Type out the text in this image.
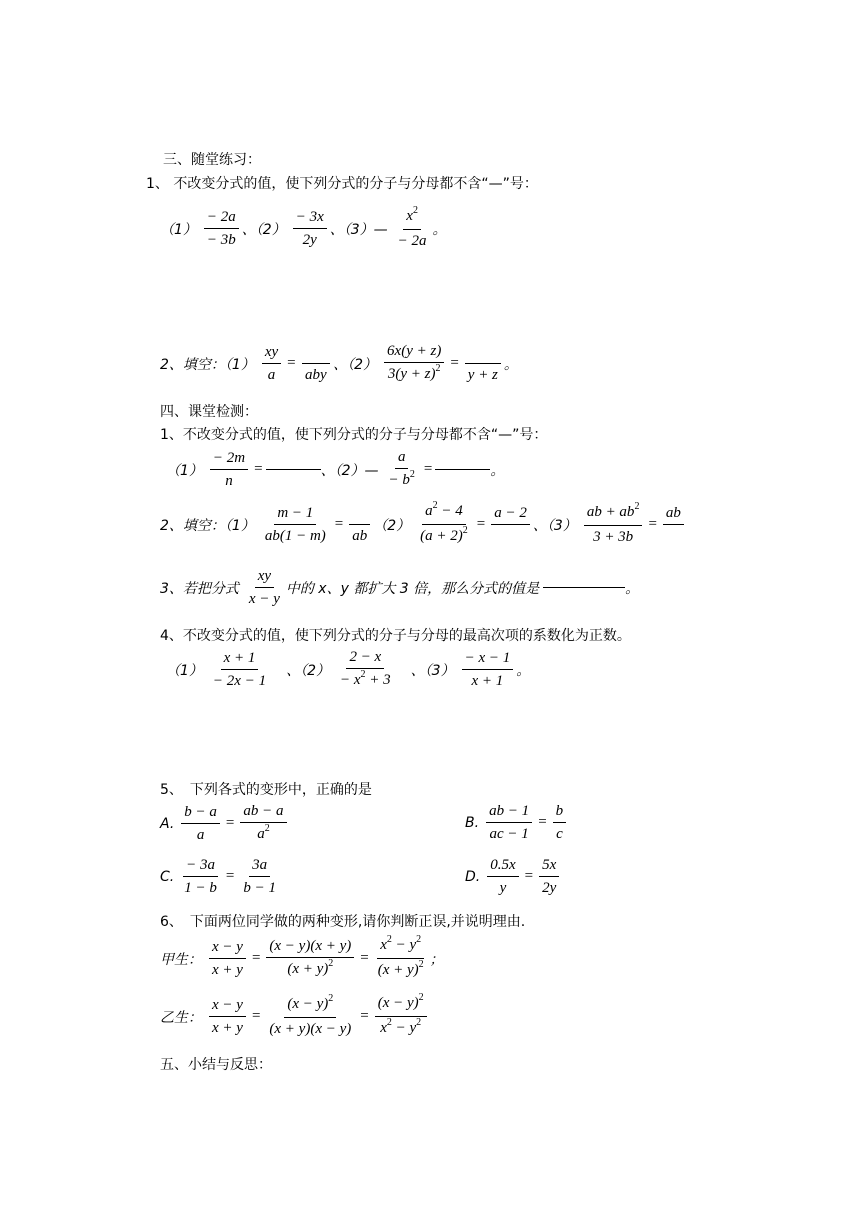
三、随堂练习：
1、 不改变分式的值，使下列分式的分子与分母都不含“—”号：
$(1) \frac{- 2a}{- 3b}$ 、$(2) \frac{- 3x}{2y}$ 、（3）— $\frac{x^2}{- 2a}$ 。
2、填空：$(1) \frac{xy}{a}$ =

aby
、$(2) \frac{6x(y + z)}{3(y + z)^2}$ =

y + z
。
四、课堂检测：
1、不改变分式的值，使下列分式的分子与分母都不含“—”号：
$(1) \frac{- 2m}{n}$ =	、（2）— $\frac{a}{- b^2}$ =	。
2、填空：$(1) \frac{m - 1}{ab(1 - m)}$ =

ab
$(2) \frac{a^2 - 4}{(a + 2)^2}$ =
a − 2

、$(3) \frac{ab + ab^2}{3 + 3b}$ =
ab

3、若把分式 $\frac{xy}{x - y}$ 中的 x、y 都扩大 3 倍，那么分式的值是	。
4、不改变分式的值，使下列分式的分子与分母的最高次项的系数化为正数。
$(1) \frac{x + 1}{- 2x - 1}$ 、$(2) \frac{2 - x}{- x^2 + 3}$ 、$(3) \frac{- x - 1}{x + 1}$ 。
5、　下列各式的变形中，正确的是
A. $\frac{b - a}{a} = \frac{ab - a}{a^2}$	B. $\frac{ab - 1}{ac - 1} = \frac{b}{c}$
C. $\frac{- 3a}{1 - b} = \frac{3a}{b - 1}$	D. $\frac{0.5x}{y} = \frac{5x}{2y}$
6、　下面两位同学做的两种变形,请你判断正误,并说明理由.
甲生： $\frac{x - y}{x + y} = \frac{(x - y)(x + y)}{(x + y)^2} = \frac{x^2 - y^2}{(x + y)^2}$ ；
乙生： $\frac{x - y}{x + y} = \frac{(x - y)^2}{(x + y)(x - y)} = \frac{(x - y)^2}{x^2 - y^2}$
五、小结与反思：
